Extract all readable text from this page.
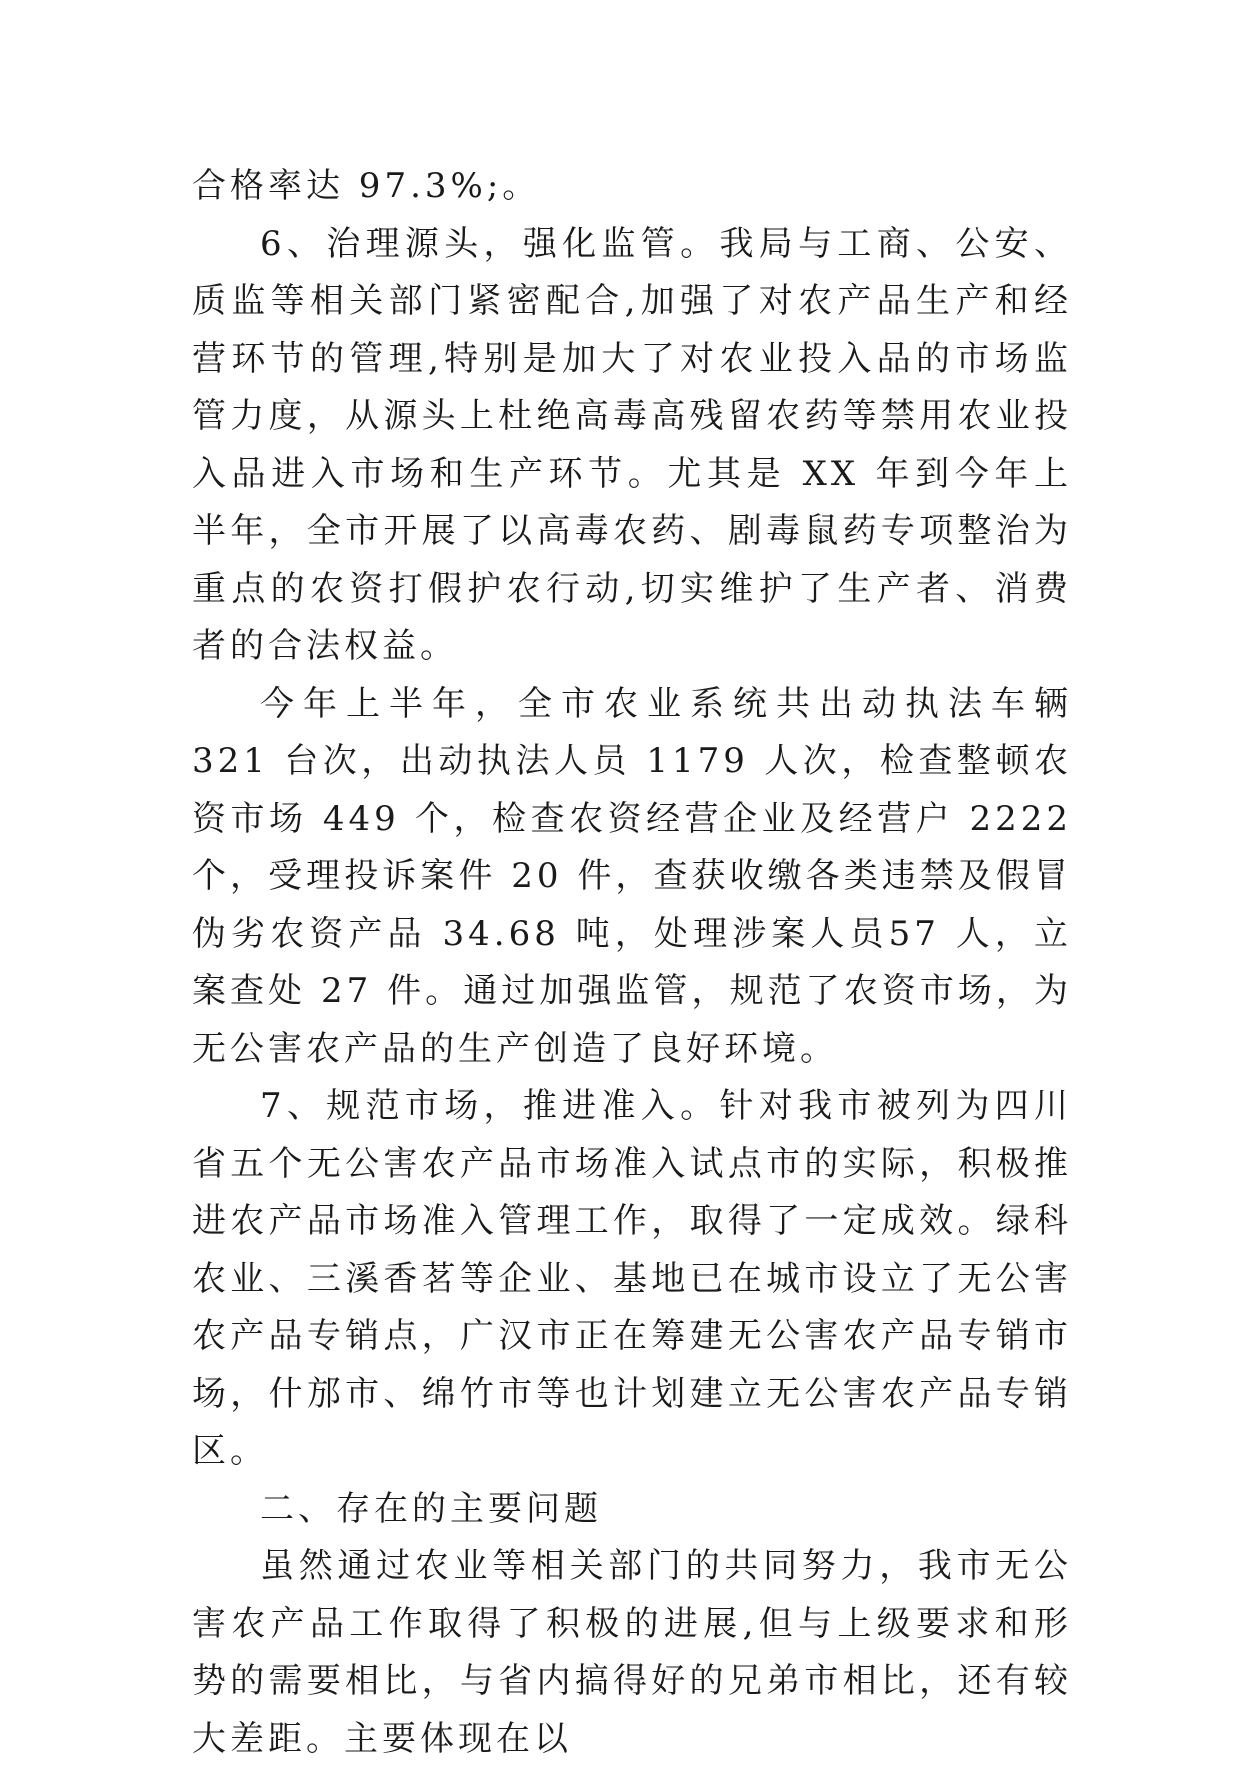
合格率达 97.3%;。

6、治理源头，强化监管。我局与工商、公安、质监等相关部门紧密配合,加强了对农产品生产和经营环节的管理,特别是加大了对农业投入品的市场监管力度，从源头上杜绝高毒高残留农药等禁用农业投入品进入市场和生产环节。尤其是 XX 年到今年上半年，全市开展了以高毒农药、剧毒鼠药专项整治为重点的农资打假护农行动,切实维护了生产者、消费者的合法权益。

今年上半年，全市农业系统共出动执法车辆 321 台次，出动执法人员 1179 人次，检查整顿农资市场 449 个，检查农资经营企业及经营户 2222 个，受理投诉案件 20 件，查获收缴各类违禁及假冒伪劣农资产品 34.68 吨，处理涉案人员57 人，立案查处 27 件。通过加强监管，规范了农资市场，为无公害农产品的生产创造了良好环境。

7、规范市场，推进准入。针对我市被列为四川省五个无公害农产品市场准入试点市的实际，积极推进农产品市场准入管理工作，取得了一定成效。绿科农业、三溪香茗等企业、基地已在城市设立了无公害农产品专销点，广汉市正在筹建无公害农产品专销市场，什邡市、绵竹市等也计划建立无公害农产品专销区。

二、存在的主要问题

虽然通过农业等相关部门的共同努力，我市无公害农产品工作取得了积极的进展,但与上级要求和形势的需要相比，与省内搞得好的兄弟市相比，还有较大差距。主要体现在以
